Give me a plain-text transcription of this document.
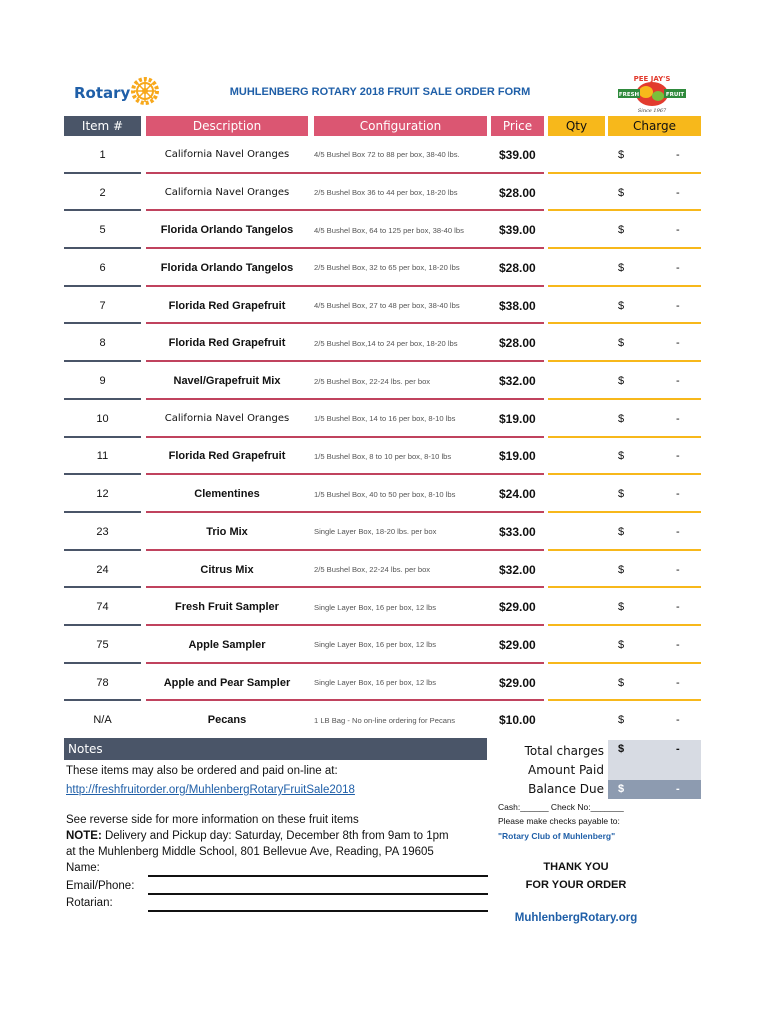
Rotary	MUHLENBERG ROTARY 2018 FRUIT SALE ORDER FORM
PEE JAY'S
FRESH	FRUIT
Since 1967
Item #	Description	Configuration	Price	Qty	Charge
1	California Navel Oranges	4/5 Bushel Box 72 to 88 per box, 38-40 lbs.	$39.00	$	-
2	California Navel Oranges	2/5 Bushel Box 36 to 44 per box, 18-20 lbs	$28.00	$	-
5	Florida Orlando Tangelos	4/5 Bushel Box, 64 to 125 per box, 38-40 lbs	$39.00	$	-
6	Florida Orlando Tangelos	2/5 Bushel Box, 32 to 65 per box, 18-20 lbs	$28.00	$	-
7	Florida Red Grapefruit	4/5 Bushel Box, 27 to 48 per box, 38-40 lbs	$38.00	$	-
8	Florida Red Grapefruit	2/5 Bushel Box,14 to 24 per box, 18-20 lbs	$28.00	$	-
9	Navel/Grapefruit Mix	2/5 Bushel Box, 22-24 lbs. per box	$32.00	$	-
10	California Navel Oranges	1/5 Bushel Box, 14 to 16 per box, 8-10 lbs	$19.00	$	-
11	Florida Red Grapefruit	1/5 Bushel Box, 8 to 10 per box, 8-10 lbs	$19.00	$	-
12	Clementines	1/5 Bushel Box, 40 to 50 per box, 8-10 lbs	$24.00	$	-
23	Trio Mix	Single Layer Box, 18-20 lbs. per box	$33.00	$	-
24	Citrus Mix	2/5 Bushel Box, 22-24 lbs. per box	$32.00	$	-
74	Fresh Fruit Sampler	Single Layer Box, 16 per box, 12 lbs	$29.00	$	-
75	Apple Sampler	Single Layer Box, 16 per box, 12 lbs	$29.00	$	-
78	Apple and Pear Sampler	Single Layer Box, 16 per box, 12 lbs	$29.00	$	-
N/A	Pecans	1 LB Bag - No on-line ordering for Pecans	$10.00	$	-
Notes
These items may also be ordered and paid on-line at:
http://freshfruitorder.org/MuhlenbergRotaryFruitSale2018
See reverse side for more information on these fruit items
NOTE: Delivery and Pickup day: Saturday, December 8th from 9am to 1pm
at the Muhlenberg Middle School, 801 Bellevue Ave, Reading, PA 19605
Name:
Email/Phone:
Rotarian:
Total charges $	-
Amount Paid
Balance Due $	-
Cash:______ Check No:_______
Please make checks payable to:
"Rotary Club of Muhlenberg"
THANK YOU
FOR YOUR ORDER
MuhlenbergRotary.org
